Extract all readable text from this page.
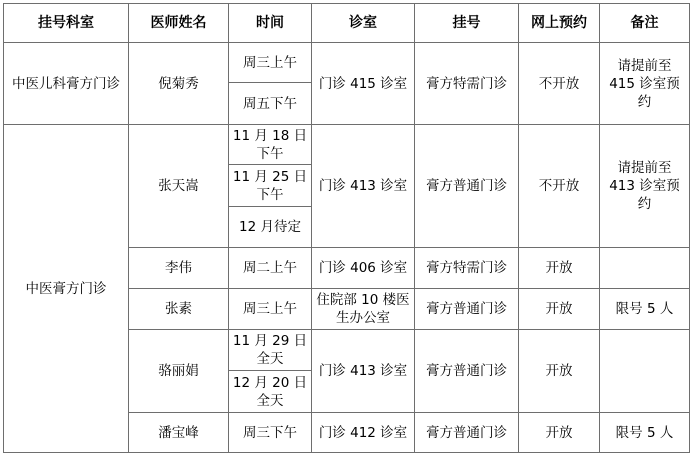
挂号科室	医师姓名	时间	诊室	挂号	网上预约	备注
中医儿科膏方门诊	倪菊秀	周三上午	门诊 415 诊室	膏方特需门诊	不开放	请提前至 415 诊室预约
		周五下午				
中医膏方门诊	张天嵩	11 月 18 日下午	门诊 413 诊室	膏方普通门诊	不开放	请提前至 413 诊室预约
		11 月 25 日下午				
		12 月待定				
	李伟	周二上午	门诊 406 诊室	膏方特需门诊	开放	
	张素	周三上午	住院部 10 楼医生办公室	膏方普通门诊	开放	限号 5 人
	骆丽娟	11 月 29 日全天	门诊 413 诊室	膏方普通门诊	开放	
		12 月 20 日全天				
	潘宝峰	周三下午	门诊 412 诊室	膏方普通门诊	开放	限号 5 人
